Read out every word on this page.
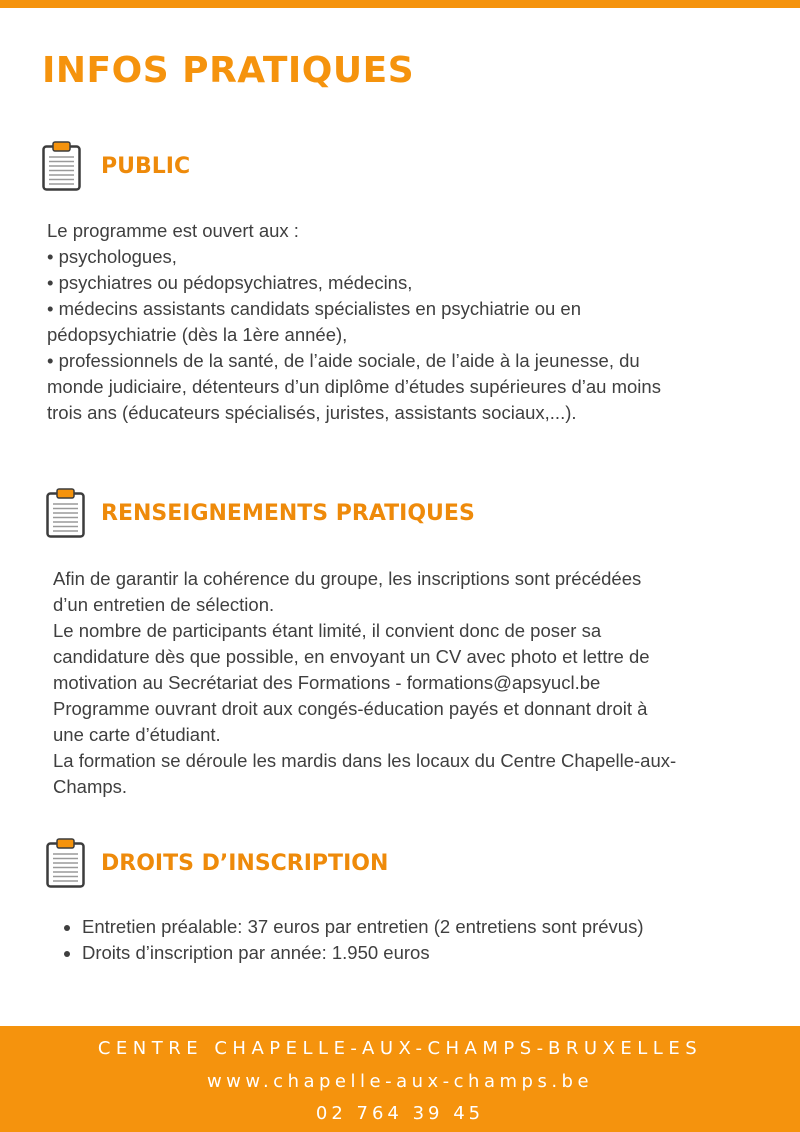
INFOS PRATIQUES
PUBLIC

Le programme est ouvert aux :

• psychologues,

• psychiatres ou pédopsychiatres, médecins,

• médecins assistants candidats spécialistes en psychiatrie ou en

pédopsychiatrie (dès la 1ère année),

• professionnels de la santé, de l’aide sociale, de l’aide à la jeunesse, du

monde judiciaire, détenteurs d’un diplôme d’études supérieures d’au moins

trois ans (éducateurs spécialisés, juristes, assistants sociaux,...).

RENSEIGNEMENTS PRATIQUES

Afin de garantir la cohérence du groupe, les inscriptions sont précédées

d’un entretien de sélection.

Le nombre de participants étant limité, il convient donc de poser sa

candidature dès que possible, en envoyant un CV avec photo et lettre de

motivation au Secrétariat des Formations - formations@apsyucl.be

Programme ouvrant droit aux congés-éducation payés et donnant droit à

une carte d’étudiant.

La formation se déroule les mardis dans les locaux du Centre Chapelle-aux-

Champs.

DROITS D’INSCRIPTION
• Entretien préalable: 37 euros par entretien (2 entretiens sont prévus)
• Droits d’inscription par année: 1.950 euros
CENTRE CHAPELLE-AUX-CHAMPS-BRUXELLES
www.chapelle-aux-champs.be
02 764 39 45
